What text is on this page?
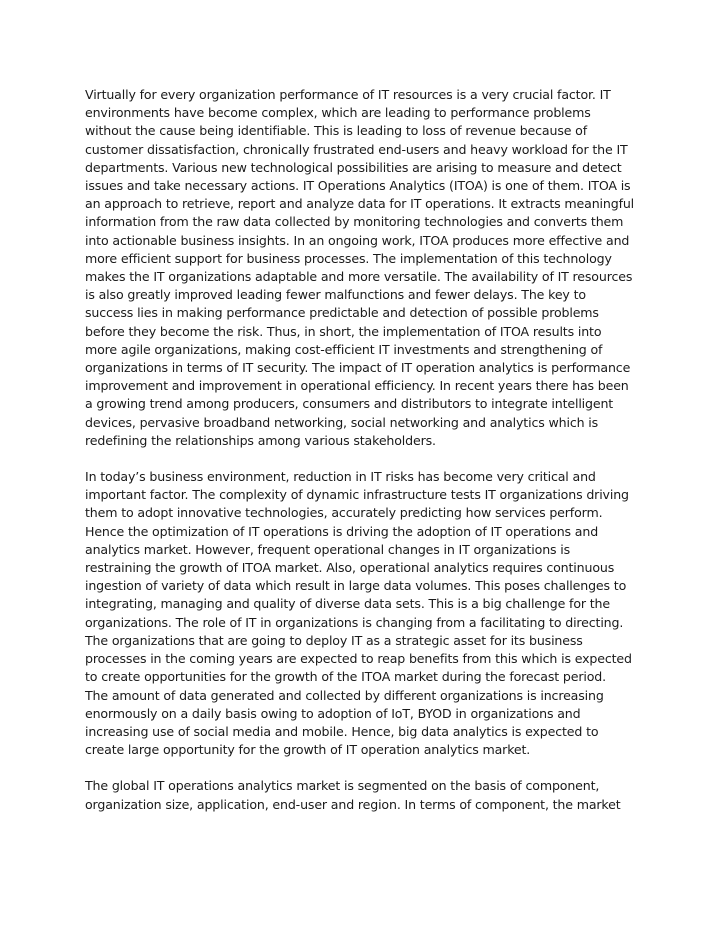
Virtually for every organization performance of IT resources is a very crucial factor. IT
environments have become complex, which are leading to performance problems
without the cause being identifiable. This is leading to loss of revenue because of
customer dissatisfaction, chronically frustrated end-users and heavy workload for the IT
departments. Various new technological possibilities are arising to measure and detect
issues and take necessary actions. IT Operations Analytics (ITOA) is one of them. ITOA is
an approach to retrieve, report and analyze data for IT operations. It extracts meaningful
information from the raw data collected by monitoring technologies and converts them
into actionable business insights. In an ongoing work, ITOA produces more effective and
more efficient support for business processes. The implementation of this technology
makes the IT organizations adaptable and more versatile. The availability of IT resources
is also greatly improved leading fewer malfunctions and fewer delays. The key to
success lies in making performance predictable and detection of possible problems
before they become the risk. Thus, in short, the implementation of ITOA results into
more agile organizations, making cost-efficient IT investments and strengthening of
organizations in terms of IT security. The impact of IT operation analytics is performance
improvement and improvement in operational efficiency. In recent years there has been
a growing trend among producers, consumers and distributors to integrate intelligent
devices, pervasive broadband networking, social networking and analytics which is
redefining the relationships among various stakeholders.

In today’s business environment, reduction in IT risks has become very critical and
important factor. The complexity of dynamic infrastructure tests IT organizations driving
them to adopt innovative technologies, accurately predicting how services perform.
Hence the optimization of IT operations is driving the adoption of IT operations and
analytics market. However, frequent operational changes in IT organizations is
restraining the growth of ITOA market. Also, operational analytics requires continuous
ingestion of variety of data which result in large data volumes. This poses challenges to
integrating, managing and quality of diverse data sets. This is a big challenge for the
organizations. The role of IT in organizations is changing from a facilitating to directing.
The organizations that are going to deploy IT as a strategic asset for its business
processes in the coming years are expected to reap benefits from this which is expected
to create opportunities for the growth of the ITOA market during the forecast period.
The amount of data generated and collected by different organizations is increasing
enormously on a daily basis owing to adoption of IoT, BYOD in organizations and
increasing use of social media and mobile. Hence, big data analytics is expected to
create large opportunity for the growth of IT operation analytics market.

The global IT operations analytics market is segmented on the basis of component,
organization size, application, end-user and region. In terms of component, the market
